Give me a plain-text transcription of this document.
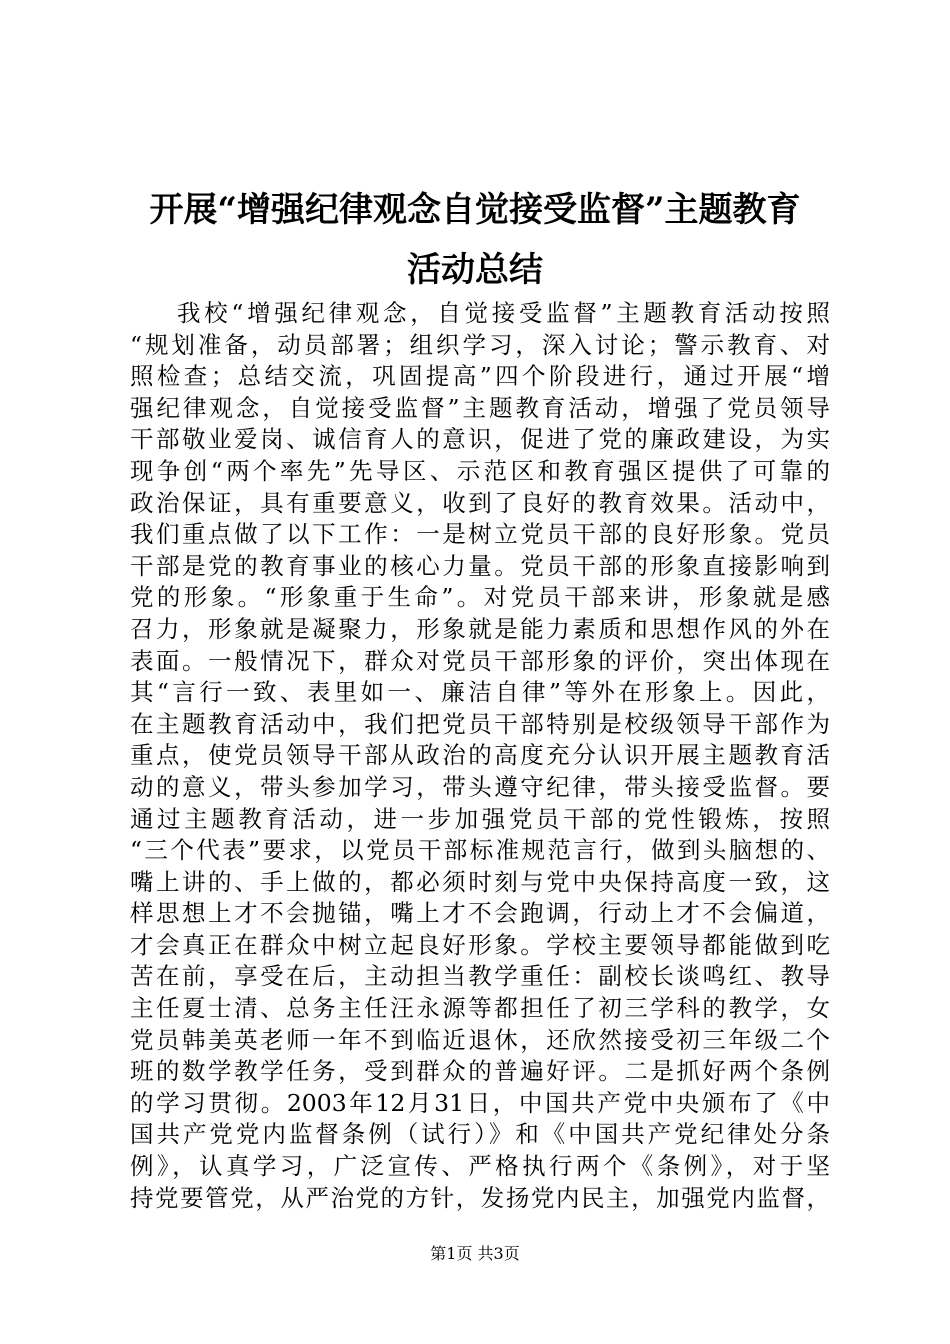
开展“增强纪律观念自觉接受监督”主题教育
活动总结
我校“增强纪律观念，自觉接受监督”主题教育活动按照
“规划准备，动员部署；组织学习，深入讨论；警示教育、对
照检查；总结交流，巩固提高”四个阶段进行，通过开展“增
强纪律观念，自觉接受监督”主题教育活动，增强了党员领导
干部敬业爱岗、诚信育人的意识，促进了党的廉政建设，为实
现争创“两个率先”先导区、示范区和教育强区提供了可靠的
政治保证，具有重要意义，收到了良好的教育效果。活动中，
我们重点做了以下工作：一是树立党员干部的良好形象。党员
干部是党的教育事业的核心力量。党员干部的形象直接影响到
党的形象。“形象重于生命”。对党员干部来讲，形象就是感
召力，形象就是凝聚力，形象就是能力素质和思想作风的外在
表面。一般情况下，群众对党员干部形象的评价，突出体现在
其“言行一致、表里如一、廉洁自律”等外在形象上。因此，
在主题教育活动中，我们把党员干部特别是校级领导干部作为
重点，使党员领导干部从政治的高度充分认识开展主题教育活
动的意义，带头参加学习，带头遵守纪律，带头接受监督。要
通过主题教育活动，进一步加强党员干部的党性锻炼，按照
“三个代表”要求，以党员干部标准规范言行，做到头脑想的、
嘴上讲的、手上做的，都必须时刻与党中央保持高度一致，这
样思想上才不会抛锚，嘴上才不会跑调，行动上才不会偏道，
才会真正在群众中树立起良好形象。学校主要领导都能做到吃
苦在前，享受在后，主动担当教学重任：副校长谈鸣红、教导
主任夏士清、总务主任汪永源等都担任了初三学科的教学，女
党员韩美英老师一年不到临近退休，还欣然接受初三年级二个
班的数学教学任务，受到群众的普遍好评。二是抓好两个条例
的学习贯彻。2003年12月31日，中国共产党中央颁布了《中
国共产党党内监督条例（试行）》和《中国共产党纪律处分条
例》，认真学习，广泛宣传、严格执行两个《条例》，对于坚
持党要管党，从严治党的方针，发扬党内民主，加强党内监督，
第1页 共3页
